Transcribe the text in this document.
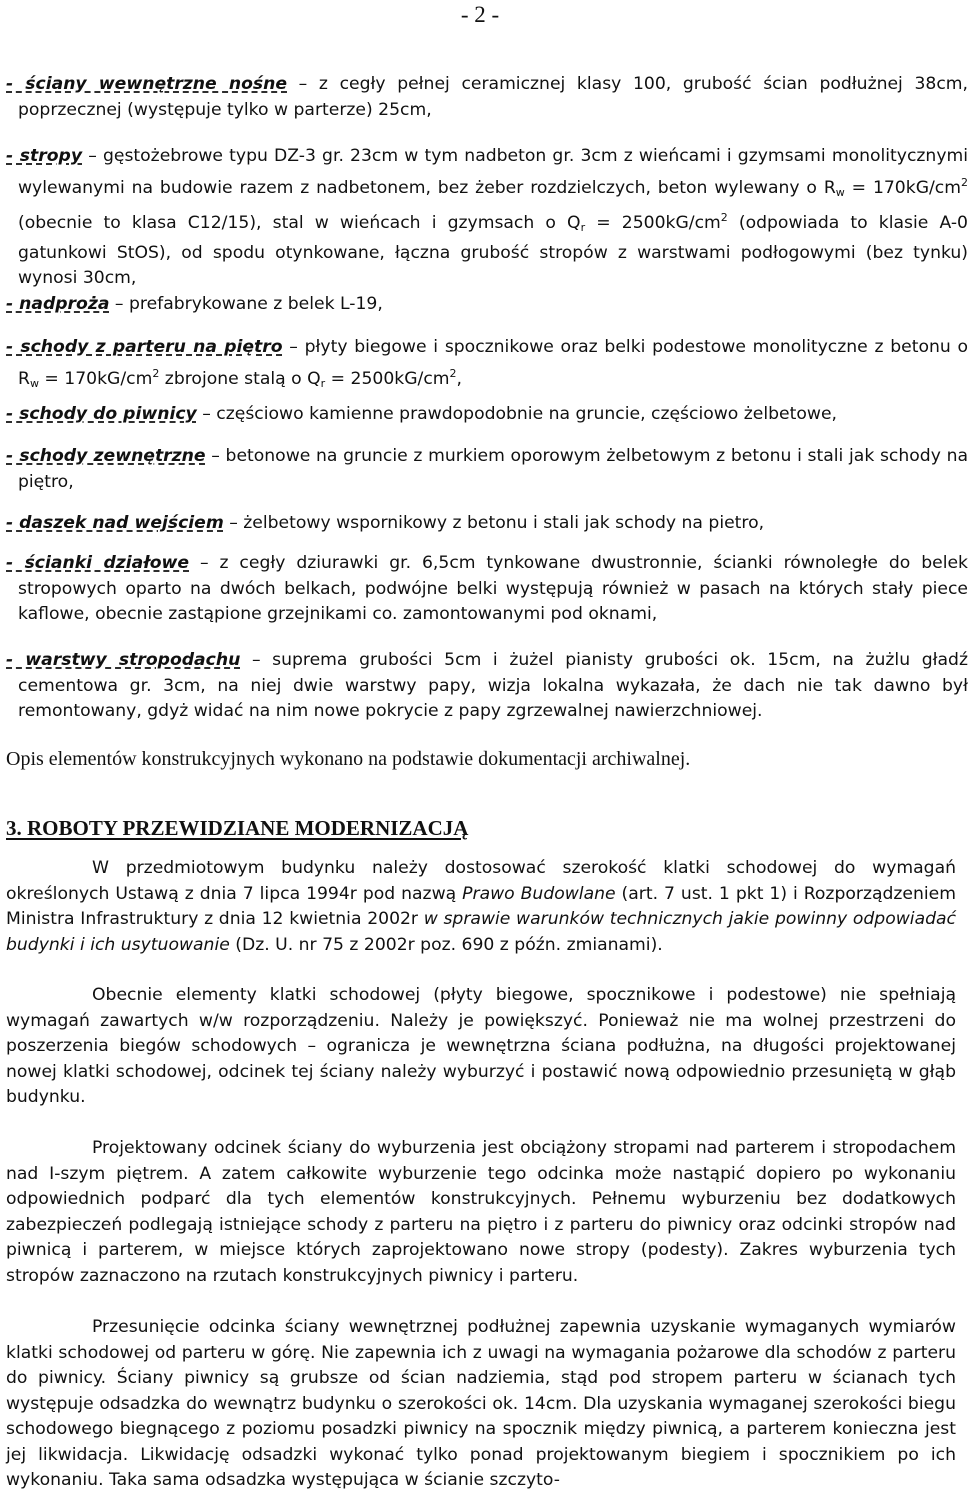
- 2 -
- ściany wewnętrzne nośne – z cegły pełnej ceramicznej klasy 100, grubość ścian podłużnej 38cm, poprzecznej (występuje tylko w parterze) 25cm,
- stropy – gęstożebrowe typu DZ-3 gr. 23cm w tym nadbeton gr. 3cm z wieńcami i gzymsami monolitycznymi wylewanymi na budowie razem z nadbetonem, bez żeber rozdzielczych, beton wylewany o $R_w = 170kG/cm^2$ (obecnie to klasa C12/15), stal w wieńcach i gzymsach o $Q_r = 2500kG/cm^2$ (odpowiada to klasie A-0 gatunkowi StOS), od spodu otynkowane, łączna grubość stropów z warstwami podłogowymi (bez tynku) wynosi 30cm,
- nadproża – prefabrykowane z belek L-19,
- schody z parteru na piętro – płyty biegowe i spocznikowe oraz belki podestowe monolityczne z betonu o $R_w = 170kG/cm^2$ zbrojone stalą o $Q_r = 2500kG/cm^2$,
- schody do piwnicy – częściowo kamienne prawdopodobnie na gruncie, częściowo żelbetowe,
- schody zewnętrzne – betonowe na gruncie z murkiem oporowym żelbetowym z betonu i stali jak schody na piętro,
- daszek nad wejściem – żelbetowy wspornikowy z betonu i stali jak schody na pietro,
- ścianki działowe – z cegły dziurawki gr. 6,5cm tynkowane dwustronnie, ścianki równoległe do belek stropowych oparto na dwóch belkach, podwójne belki występują również w pasach na których stały piece kaflowe, obecnie zastąpione grzejnikami co. zamontowanymi pod oknami,
- warstwy stropodachu – suprema grubości 5cm i żużel pianisty grubości ok. 15cm, na żużlu gładź cementowa gr. 3cm, na niej dwie warstwy papy, wizja lokalna wykazała, że dach nie tak dawno był remontowany, gdyż widać na nim nowe pokrycie z papy zgrzewalnej nawierzchniowej.
Opis elementów konstrukcyjnych wykonano na podstawie dokumentacji archiwalnej.
3. ROBOTY PRZEWIDZIANE MODERNIZACJĄ
W przedmiotowym budynku należy dostosować szerokość klatki schodowej do wymagań określonych Ustawą z dnia 7 lipca 1994r pod nazwą Prawo Budowlane (art. 7 ust. 1 pkt 1) i Rozporządzeniem Ministra Infrastruktury z dnia 12 kwietnia 2002r w sprawie warunków technicznych jakie powinny odpowiadać budynki i ich usytuowanie (Dz. U. nr 75 z 2002r poz. 690 z późn. zmianami).
Obecnie elementy klatki schodowej (płyty biegowe, spocznikowe i podestowe) nie spełniają wymagań zawartych w/w rozporządzeniu. Należy je powiększyć. Ponieważ nie ma wolnej przestrzeni do poszerzenia biegów schodowych – ogranicza je wewnętrzna ściana podłużna, na długości projektowanej nowej klatki schodowej, odcinek tej ściany należy wyburzyć i postawić nową odpowiednio przesuniętą w głąb budynku.
Projektowany odcinek ściany do wyburzenia jest obciążony stropami nad parterem i stropodachem nad I-szym piętrem. A zatem całkowite wyburzenie tego odcinka może nastąpić dopiero po wykonaniu odpowiednich podparć dla tych elementów konstrukcyjnych. Pełnemu wyburzeniu bez dodatkowych zabezpieczeń podlegają istniejące schody z parteru na piętro i z parteru do piwnicy oraz odcinki stropów nad piwnicą i parterem, w miejsce których zaprojektowano nowe stropy (podesty). Zakres wyburzenia tych stropów zaznaczono na rzutach konstrukcyjnych piwnicy i parteru.
Przesunięcie odcinka ściany wewnętrznej podłużnej zapewnia uzyskanie wymaganych wymiarów klatki schodowej od parteru w górę. Nie zapewnia ich z uwagi na wymagania pożarowe dla schodów z parteru do piwnicy. Ściany piwnicy są grubsze od ścian nadziemia, stąd pod stropem parteru w ścianach tych występuje odsadzka do wewnątrz budynku o szerokości ok. 14cm. Dla uzyskania wymaganej szerokości biegu schodowego biegnącego z poziomu posadzki piwnicy na spocznik między piwnicą, a parterem konieczna jest jej likwidacja. Likwidację odsadzki wykonać tylko ponad projektowanym biegiem i spocznikiem po ich wykonaniu. Taka sama odsadzka występująca w ścianie szczyto-
